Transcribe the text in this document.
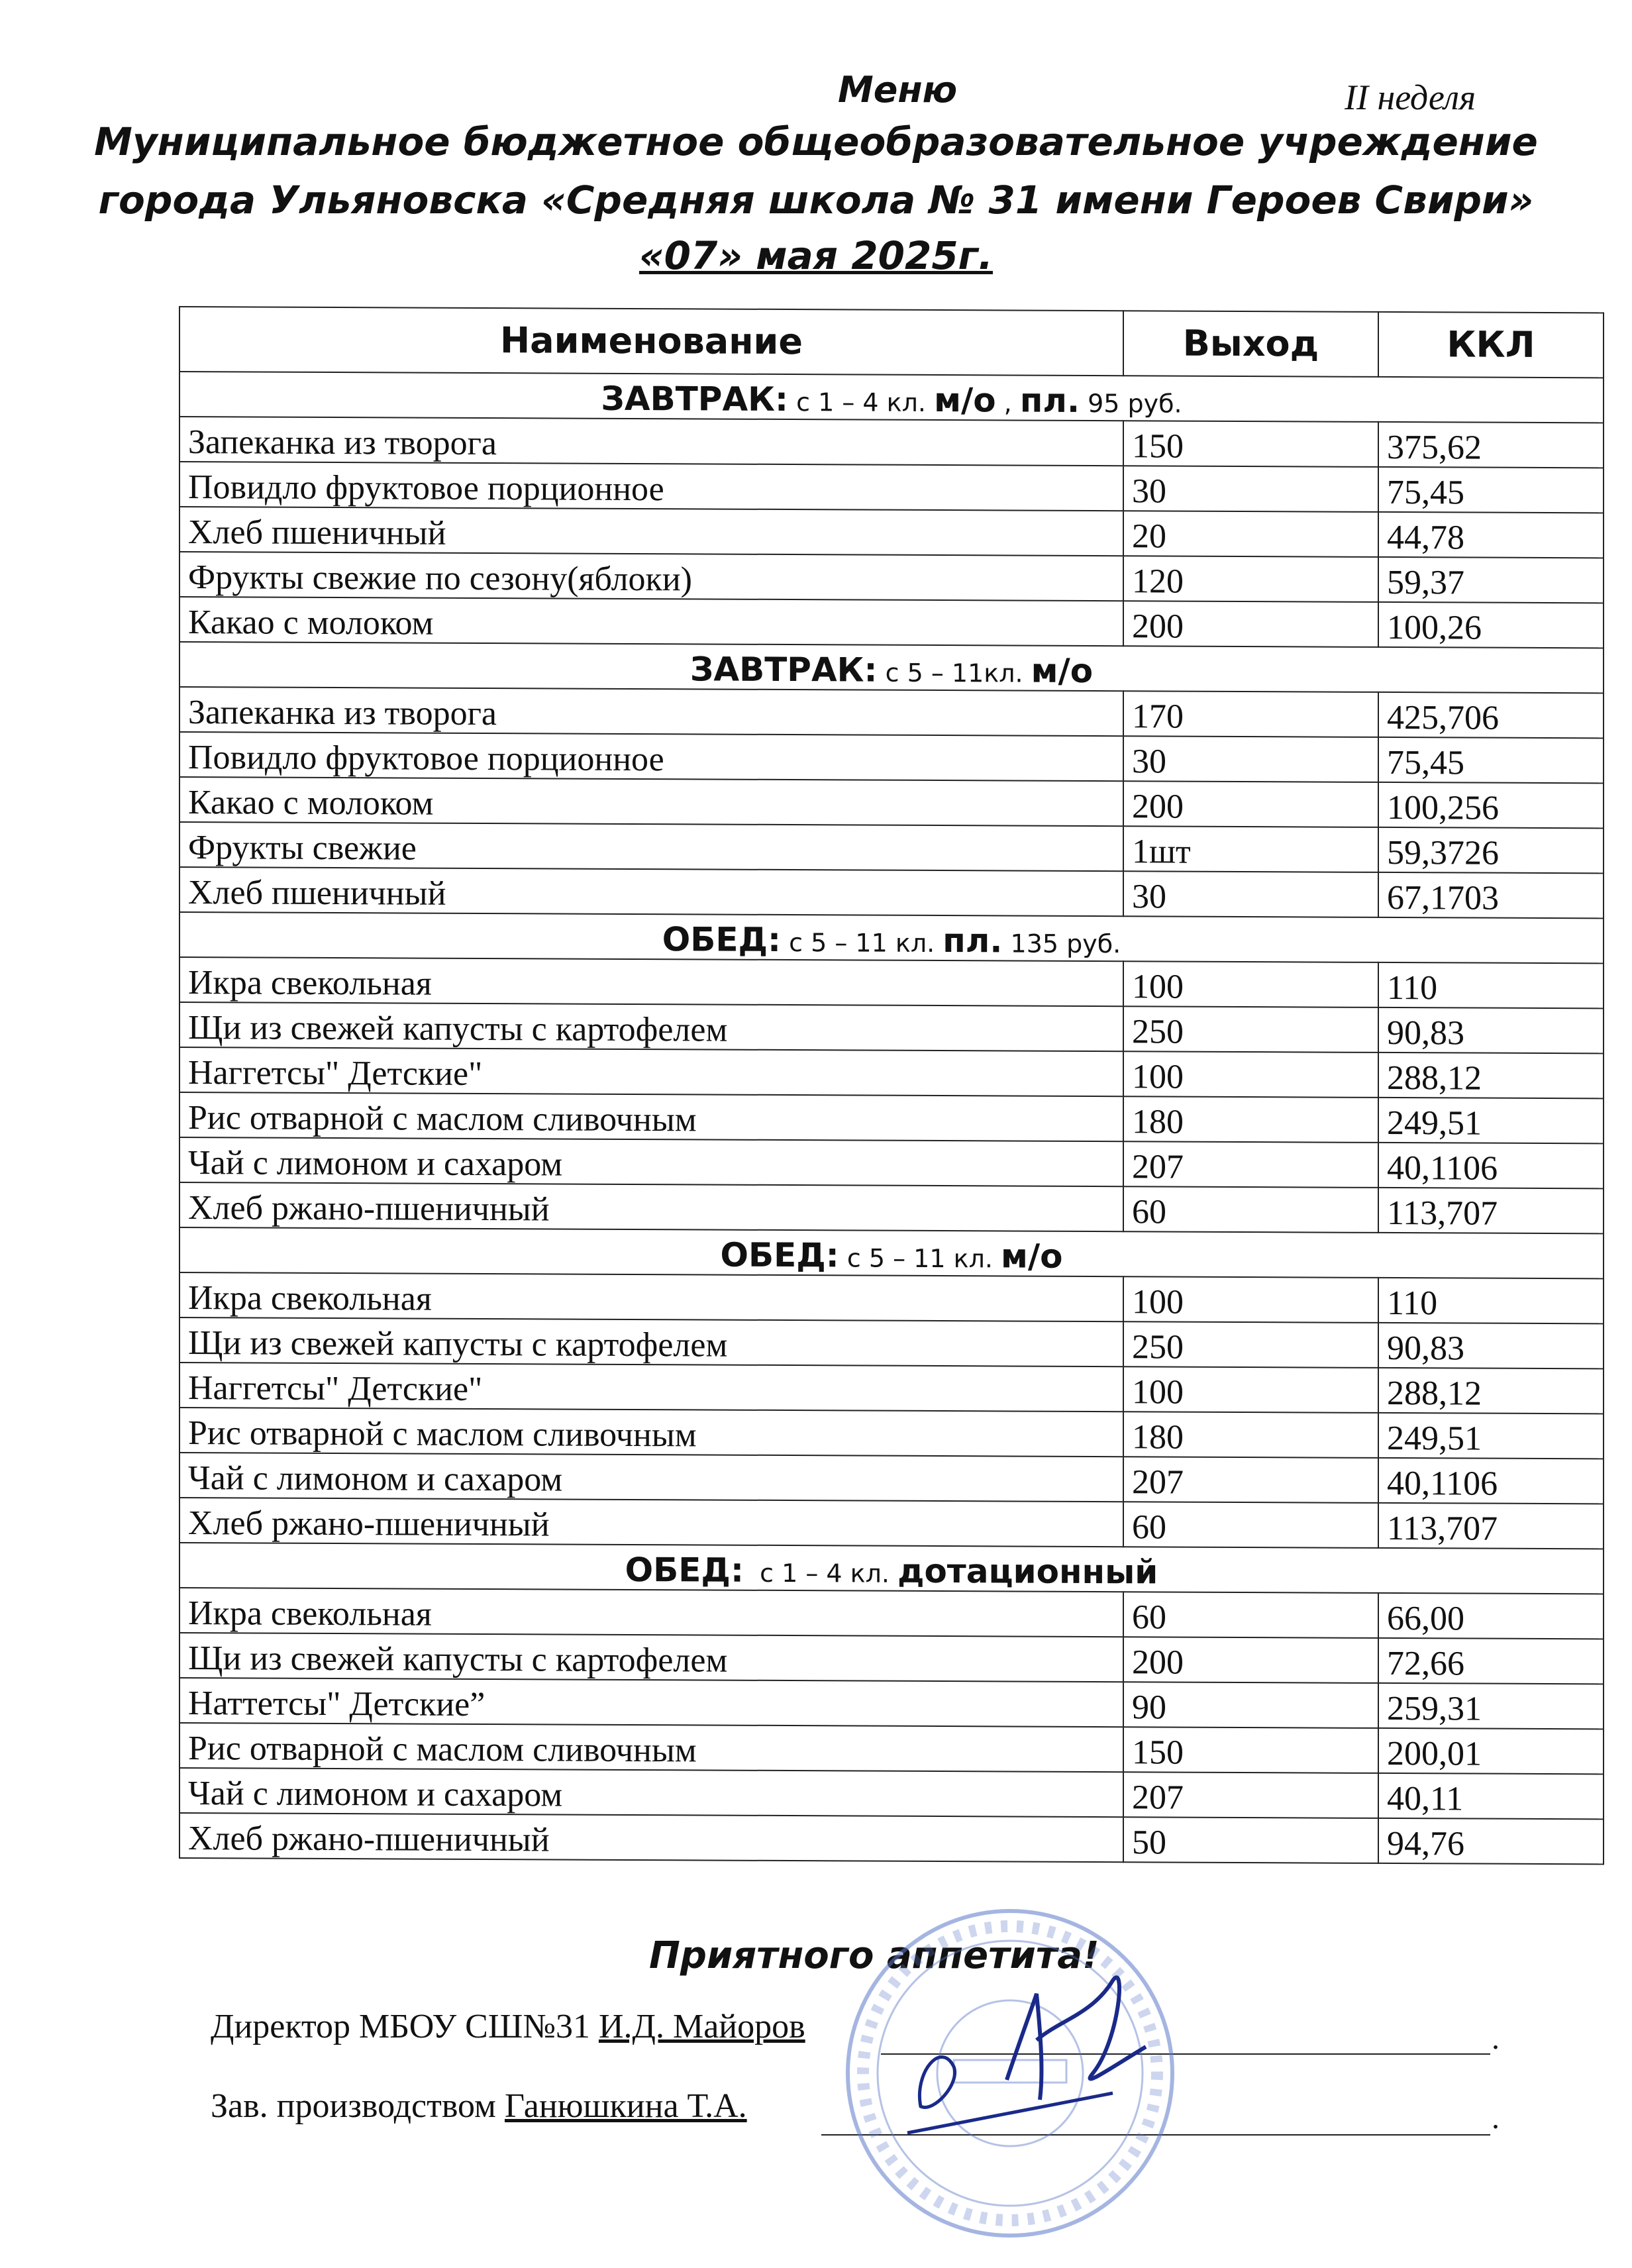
Меню	II неделя
Муниципальное бюджетное общеобразовательное учреждение
города Ульяновска «Средняя школа № 31 имени Героев Свири»
«07» мая 2025г.
Наименование	Выход	ККЛ
ЗАВТРАК: с 1 – 4 кл. м/о , пл. 95 руб.		
Запеканка из творога	150	375,62
Повидло фруктовое порционное	30	75,45
Хлеб пшеничный	20	44,78
Фрукты свежие по сезону(яблоки)	120	59,37
Какао с молоком	200	100,26
ЗАВТРАК: с 5 – 11кл. м/о		
Запеканка из творога	170	425,706
Повидло фруктовое порционное	30	75,45
Какао с молоком	200	100,256
Фрукты свежие	1шт	59,3726
Хлеб пшеничный	30	67,1703
ОБЕД: с 5 – 11 кл. пл. 135 руб.		
Икра свекольная	100	110
Щи из свежей капусты с картофелем	250	90,83
Наггетсы" Детские"	100	288,12
Рис отварной с маслом сливочным	180	249,51
Чай с лимоном и сахаром	207	40,1106
Хлеб ржано-пшеничный	60	113,707
ОБЕД: с 5 – 11 кл. м/о		
Икра свекольная	100	110
Щи из свежей капусты с картофелем	250	90,83
Наггетсы" Детские"	100	288,12
Рис отварной с маслом сливочным	180	249,51
Чай с лимоном и сахаром	207	40,1106
Хлеб ржано-пшеничный	60	113,707
ОБЕД:  с 1 – 4 кл. дотационный		
Икра свекольная	60	66,00
Щи из свежей капусты с картофелем	200	72,66
Наттетсы" Детские”	90	259,31
Рис отварной с маслом сливочным	150	200,01
Чай с лимоном и сахаром	207	40,11
Хлеб ржано-пшеничный	50	94,76
Приятного аппетита!
Директор МБОУ СШ№31 И.Д. Майоров	.
Зав. производством Ганюшкина Т.А.	.
